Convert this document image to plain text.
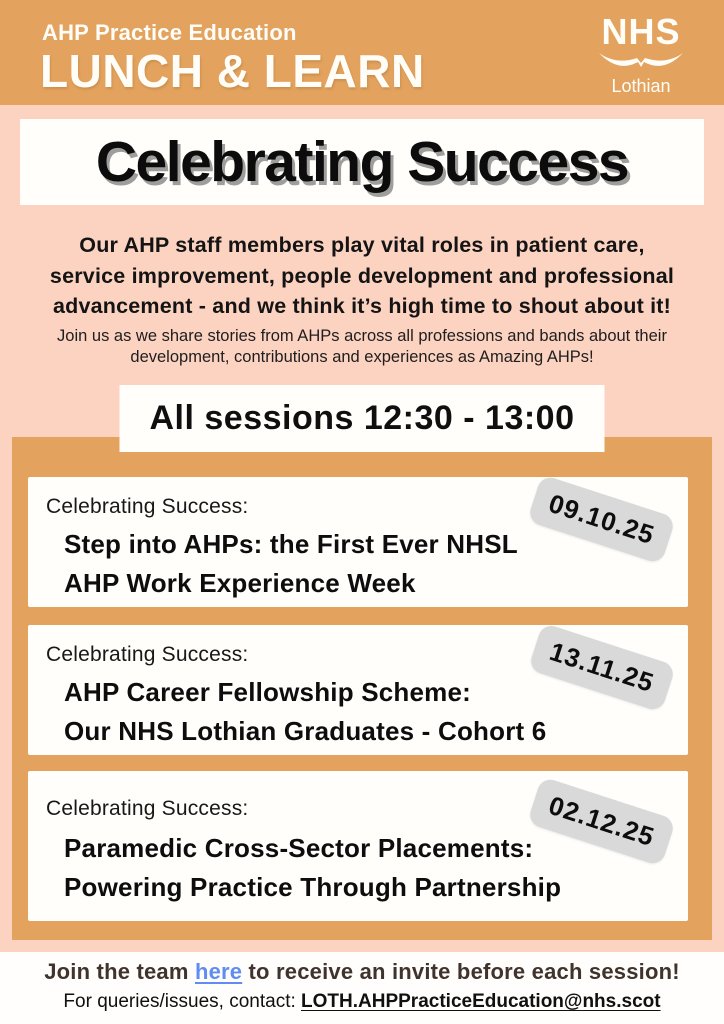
AHP Practice Education
LUNCH & LEARN
NHS
Lothian
Celebrating Success
Our AHP staff members play vital roles in patient care,
service improvement, people development and professional
advancement - and we think it’s high time to shout about it!
Join us as we share stories from AHPs across all professions and bands about their
development, contributions and experiences as Amazing AHPs!
All sessions 12:30 - 13:00
Celebrating Success:
Step into AHPs: the First Ever NHSL
AHP Work Experience Week
09.10.25
Celebrating Success:
AHP Career Fellowship Scheme:
Our NHS Lothian Graduates - Cohort 6
13.11.25
Celebrating Success:
Paramedic Cross-Sector Placements:
Powering Practice Through Partnership
02.12.25
Join the team here to receive an invite before each session!
For queries/issues, contact: LOTH.AHPPracticeEducation@nhs.scot
